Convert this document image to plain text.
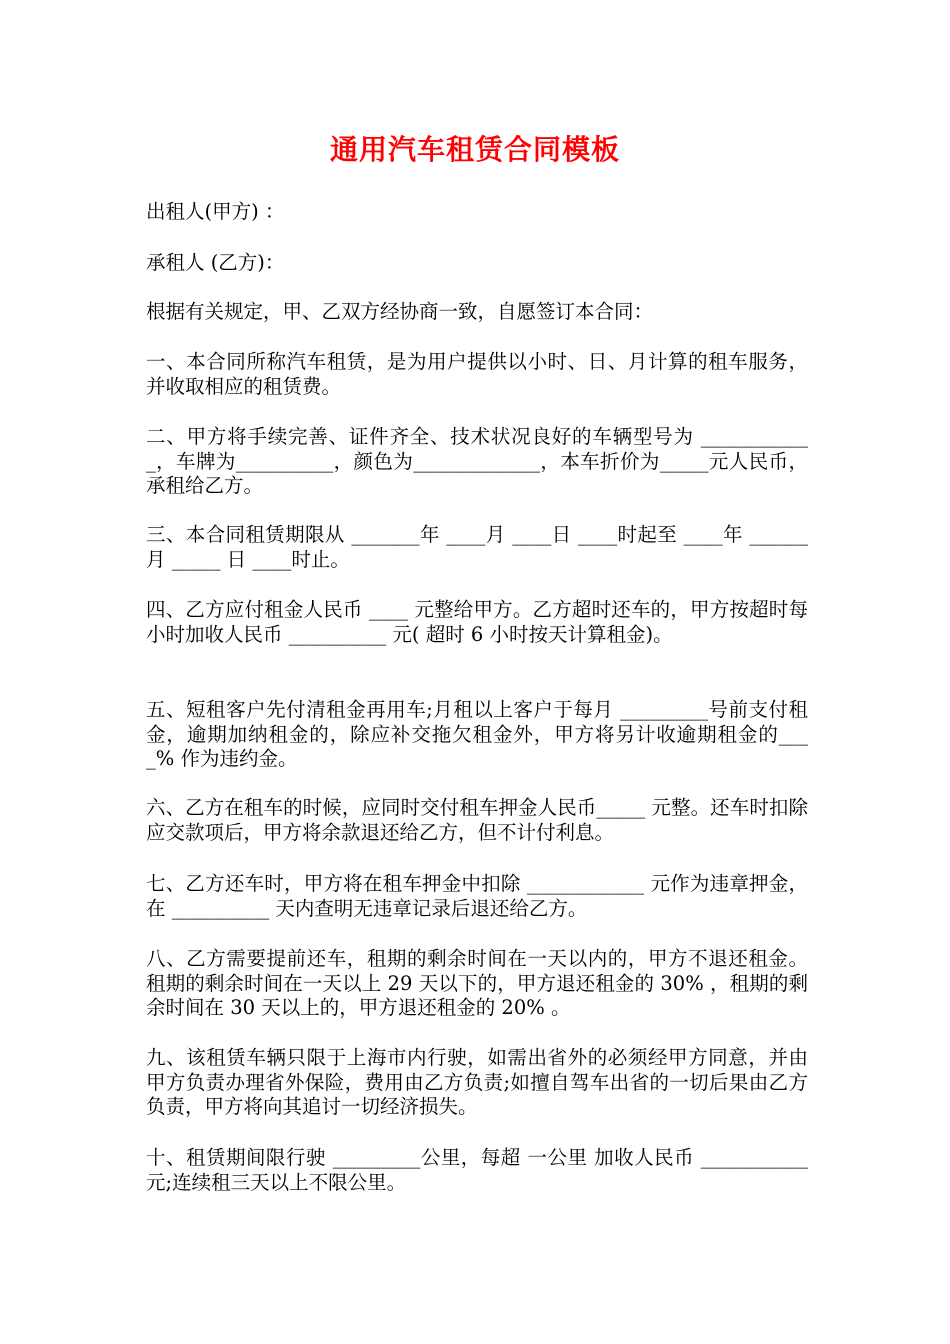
通用汽车租赁合同模板
出租人(甲方) ：
承租人 (乙方)：
根据有关规定，甲、乙双方经协商一致，自愿签订本合同：
一、本合同所称汽车租赁，是为用户提供以小时、日、月计算的租车服务，并收取相应的租赁费。
二、甲方将手续完善、证件齐全、技术状况良好的车辆型号为 ____________，车牌为__________，颜色为_____________，本车折价为_____元人民币，承租给乙方。
三、本合同租赁期限从 _______年 ____月 ____日 ____时起至 ____年 ______月 _____ 日 ____时止。
四、乙方应付租金人民币 ____ 元整给甲方。乙方超时还车的，甲方按超时每小时加收人民币 __________ 元( 超时 6 小时按天计算租金)。
五、短租客户先付清租金再用车;月租以上客户于每月 _________号前支付租金，逾期加纳租金的，除应补交拖欠租金外，甲方将另计收逾期租金的____% 作为违约金。
六、乙方在租车的时候，应同时交付租车押金人民币_____ 元整。还车时扣除应交款项后，甲方将余款退还给乙方，但不计付利息。
七、乙方还车时，甲方将在租车押金中扣除 ____________ 元作为违章押金，在 __________ 天内查明无违章记录后退还给乙方。
八、乙方需要提前还车，租期的剩余时间在一天以内的，甲方不退还租金。租期的剩余时间在一天以上 29 天以下的，甲方退还租金的 30% ，租期的剩余时间在 30 天以上的，甲方退还租金的 20% 。
九、该租赁车辆只限于上海市内行驶，如需出省外的必须经甲方同意，并由甲方负责办理省外保险，费用由乙方负责;如擅自驾车出省的一切后果由乙方负责，甲方将向其追讨一切经济损失。
十、租赁期间限行驶 _________公里，每超 一公里 加收人民币 ___________元;连续租三天以上不限公里。
